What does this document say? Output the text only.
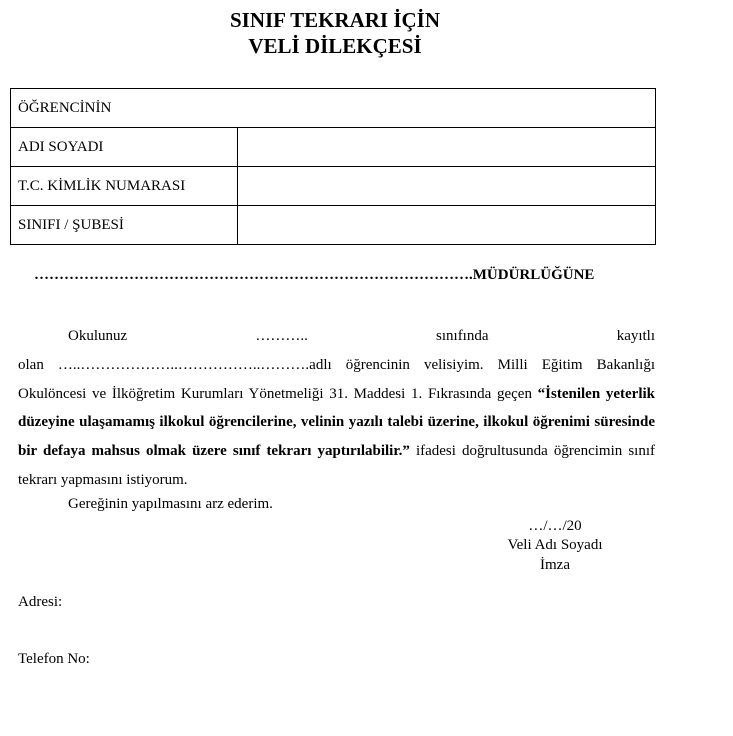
SINIF TEKRARI İÇİN
VELİ DİLEKÇESİ
ÖĞRENCİNİN	
ADI SOYADI	
T.C. KİMLİK NUMARASI	
SINIFI / ŞUBESİ	
…………………………………………………………………………….MÜDÜRLÜĞÜNE

Okulunuz	………..	sınıfında	kayıtlı

olan …..………………..……………..……….adlı öğrencinin velisiyim. Milli Eğitim Bakanlığı Okulöncesi ve İlköğretim Kurumları Yönetmeliği 31. Maddesi 1. Fıkrasında geçen “İstenilen yeterlik düzeyine ulaşamamış ilkokul öğrencilerine, velinin yazılı talebi üzerine, ilkokul öğrenimi süresinde bir defaya mahsus olmak üzere sınıf tekrarı yaptırılabilir.” ifadesi doğrultusunda öğrencimin sınıf tekrarı yapmasını istiyorum.

Gereğinin yapılmasını arz ederim.
…/…/20
Veli Adı Soyadı
İmza
Adresi:
Telefon No:
